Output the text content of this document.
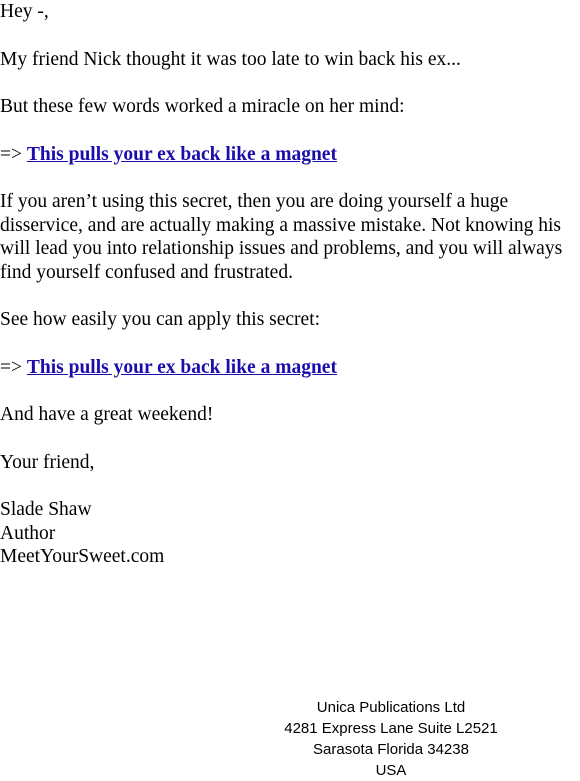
Hey -,

My friend Nick thought it was too late to win back his ex...

But these few words worked a miracle on her mind:

=> This pulls your ex back like a magnet

If you aren’t using this secret, then you are doing yourself a huge disservice, and are actually making a massive mistake. Not knowing his will lead you into relationship issues and problems, and you will always find yourself confused and frustrated.

See how easily you can apply this secret:

=> This pulls your ex back like a magnet

And have a great weekend!

Your friend,

Slade Shaw
Author
MeetYourSweet.com

Unica Publications Ltd
4281 Express Lane Suite L2521
Sarasota Florida 34238
USA
